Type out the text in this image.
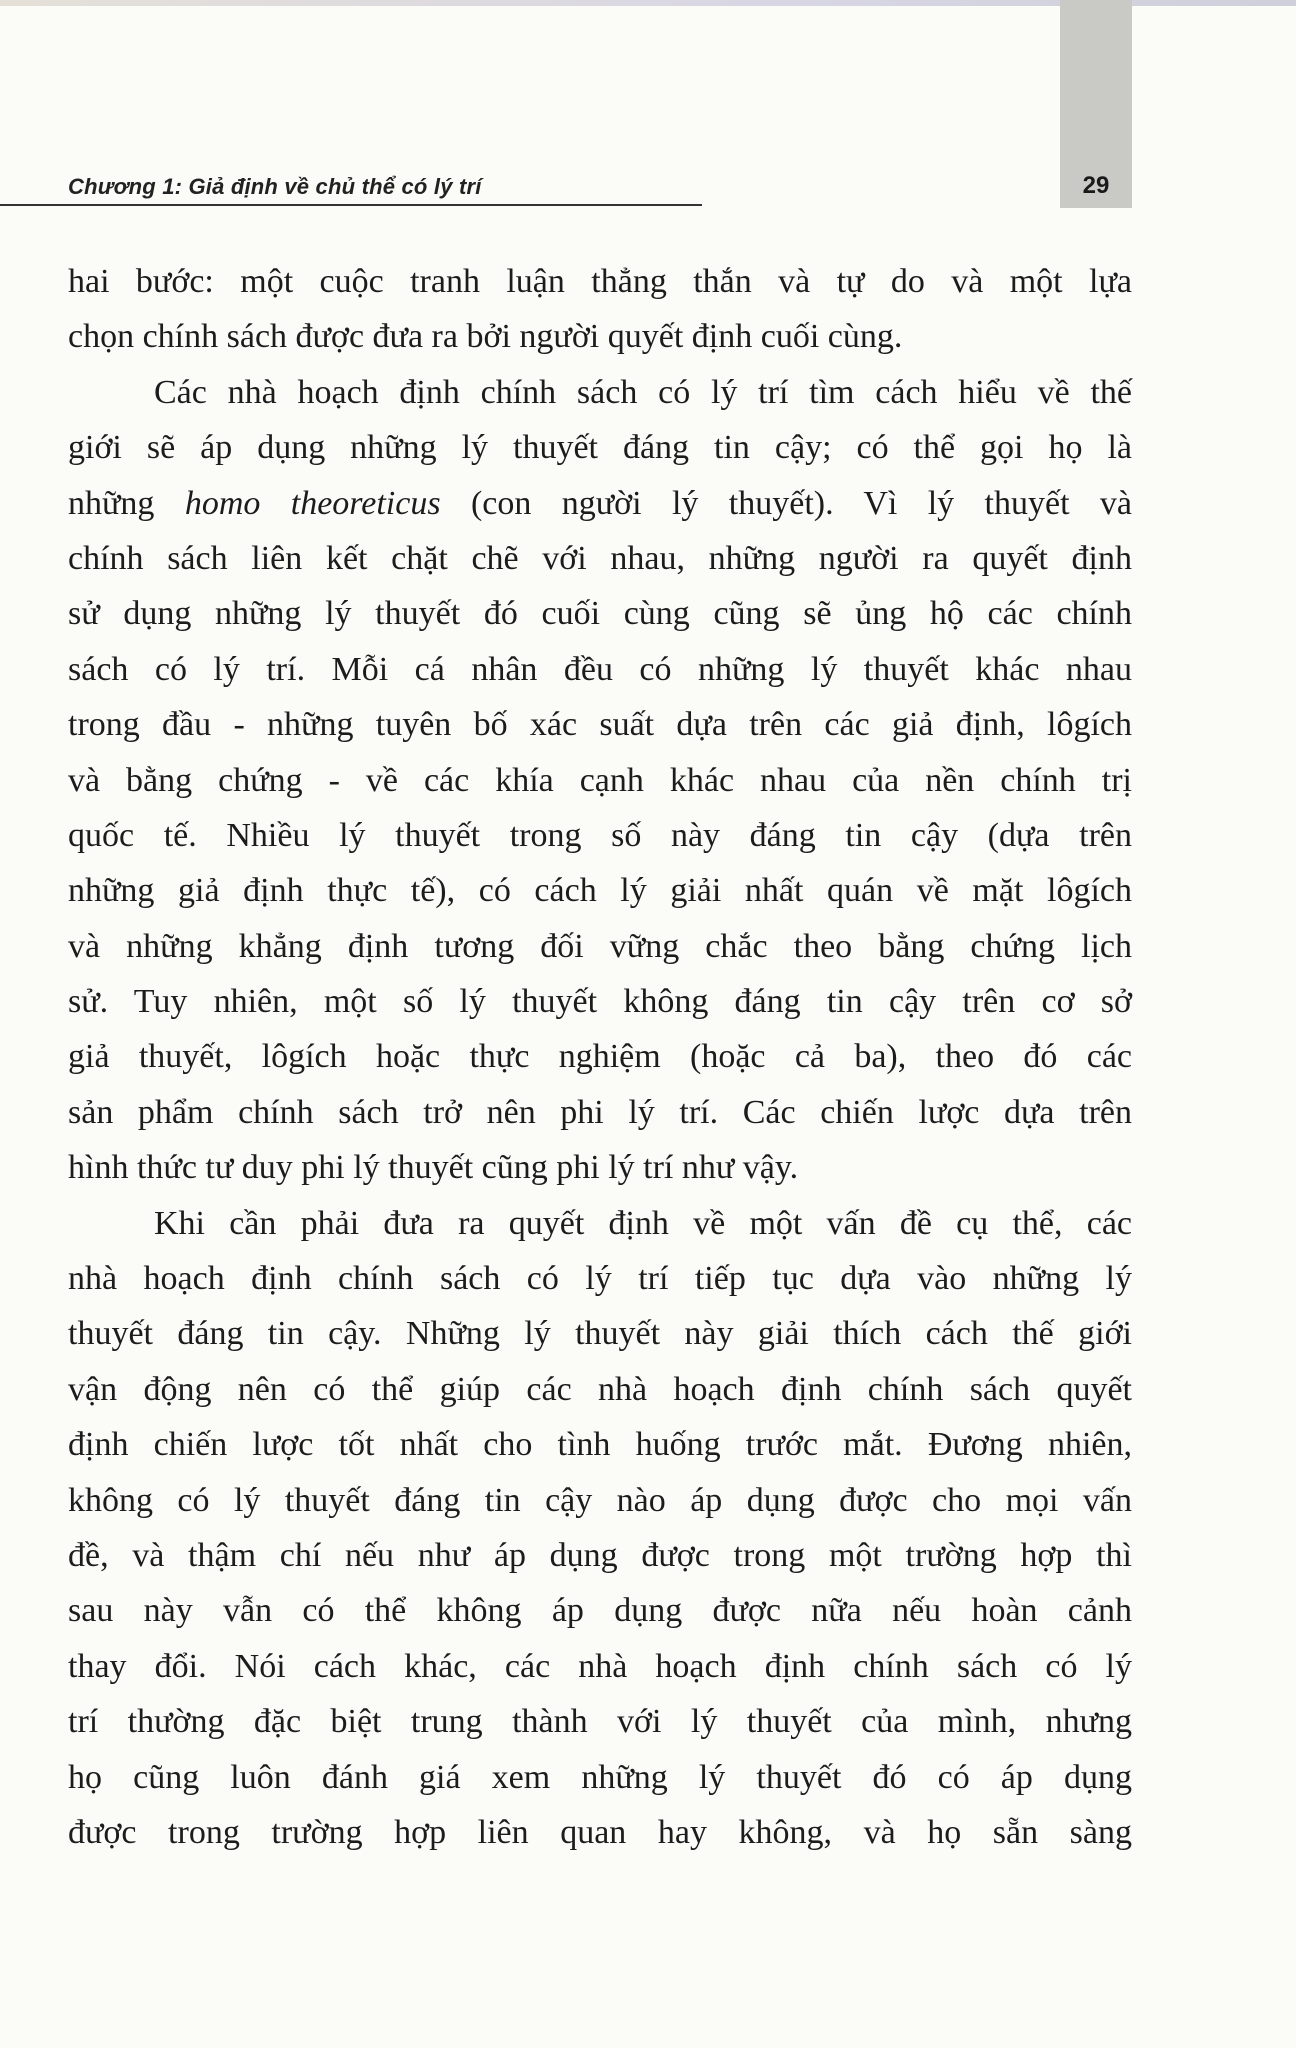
Chương 1: Giả định về chủ thể có lý trí	29

hai bước: một cuộc tranh luận thẳng thắn và tự do và một lựa
chọn chính sách được đưa ra bởi người quyết định cuối cùng.

Các nhà hoạch định chính sách có lý trí tìm cách hiểu về thế
giới sẽ áp dụng những lý thuyết đáng tin cậy; có thể gọi họ là
những homo theoreticus (con người lý thuyết). Vì lý thuyết và
chính sách liên kết chặt chẽ với nhau, những người ra quyết định
sử dụng những lý thuyết đó cuối cùng cũng sẽ ủng hộ các chính
sách có lý trí. Mỗi cá nhân đều có những lý thuyết khác nhau
trong đầu - những tuyên bố xác suất dựa trên các giả định, lôgích
và bằng chứng - về các khía cạnh khác nhau của nền chính trị
quốc tế. Nhiều lý thuyết trong số này đáng tin cậy (dựa trên
những giả định thực tế), có cách lý giải nhất quán về mặt lôgích
và những khẳng định tương đối vững chắc theo bằng chứng lịch
sử. Tuy nhiên, một số lý thuyết không đáng tin cậy trên cơ sở
giả thuyết, lôgích hoặc thực nghiệm (hoặc cả ba), theo đó các
sản phẩm chính sách trở nên phi lý trí. Các chiến lược dựa trên
hình thức tư duy phi lý thuyết cũng phi lý trí như vậy.

Khi cần phải đưa ra quyết định về một vấn đề cụ thể, các
nhà hoạch định chính sách có lý trí tiếp tục dựa vào những lý
thuyết đáng tin cậy. Những lý thuyết này giải thích cách thế giới
vận động nên có thể giúp các nhà hoạch định chính sách quyết
định chiến lược tốt nhất cho tình huống trước mắt. Đương nhiên,
không có lý thuyết đáng tin cậy nào áp dụng được cho mọi vấn
đề, và thậm chí nếu như áp dụng được trong một trường hợp thì
sau này vẫn có thể không áp dụng được nữa nếu hoàn cảnh
thay đổi. Nói cách khác, các nhà hoạch định chính sách có lý
trí thường đặc biệt trung thành với lý thuyết của mình, nhưng
họ cũng luôn đánh giá xem những lý thuyết đó có áp dụng
được trong trường hợp liên quan hay không, và họ sẵn sàng
